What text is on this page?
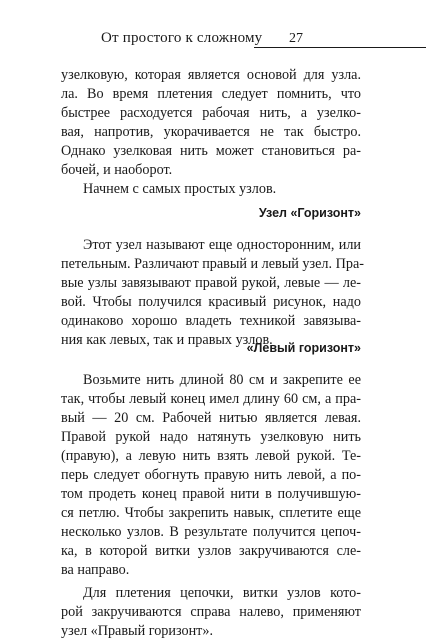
От простого к сложному 27
узелковую, которая является основой для узла.
ла. Во время плетения следует помнить, что
быстрее расходуется рабочая нить, а узелко-
вая, напротив, укорачивается не так быстро.
Однако узелковая нить может становиться ра-
бочей, и наоборот.
Начнем с самых простых узлов.
Узел «Горизонт»
Этот узел называют еще односторонним, или
петельным. Различают правый и левый узел. Пра-
вые узлы завязывают правой рукой, левые — ле-
вой. Чтобы получился красивый рисунок, надо
одинаково хорошо владеть техникой завязыва-
ния как левых, так и правых узлов.
«Левый горизонт»
Возьмите нить длиной 80 см и закрепите ее
так, чтобы левый конец имел длину 60 см, а пра-
вый — 20 см. Рабочей нитью является левая.
Правой рукой надо натянуть узелковую нить
(правую), а левую нить взять левой рукой. Те-
перь следует обогнуть правую нить левой, а по-
том продеть конец правой нити в получившую-
ся петлю. Чтобы закрепить навык, сплетите еще
несколько узлов. В результате получится цепоч-
ка, в которой витки узлов закручиваются сле-
ва направо.
Для плетения цепочки, витки узлов кото-
рой закручиваются справа налево, применяют
узел «Правый горизонт».
